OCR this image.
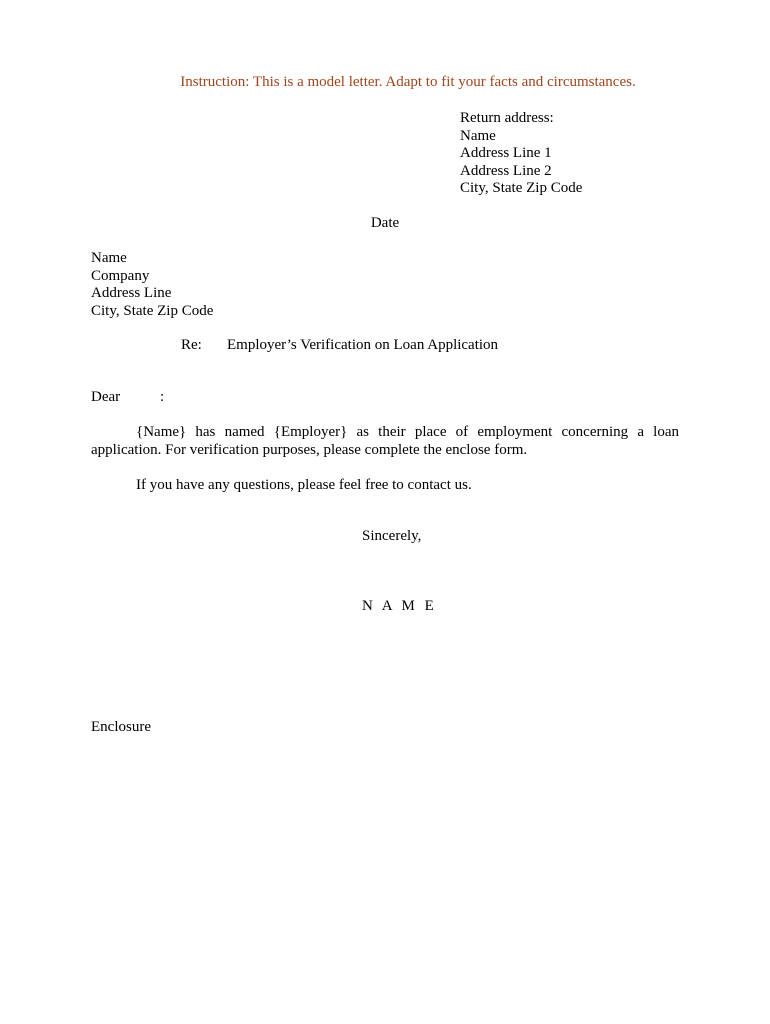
Instruction: This is a model letter. Adapt to fit your facts and circumstances.
Return address:
Name
Address Line 1
Address Line 2
City, State Zip Code
Date
Name
Company
Address Line
City, State Zip Code
Re: Employer’s Verification on Loan Application
Dear	:
{Name} has named {Employer} as their place of employment concerning a loan
application. For verification purposes, please complete the enclose form.
If you have any questions, please feel free to contact us.
Sincerely,
N A M E
Enclosure
